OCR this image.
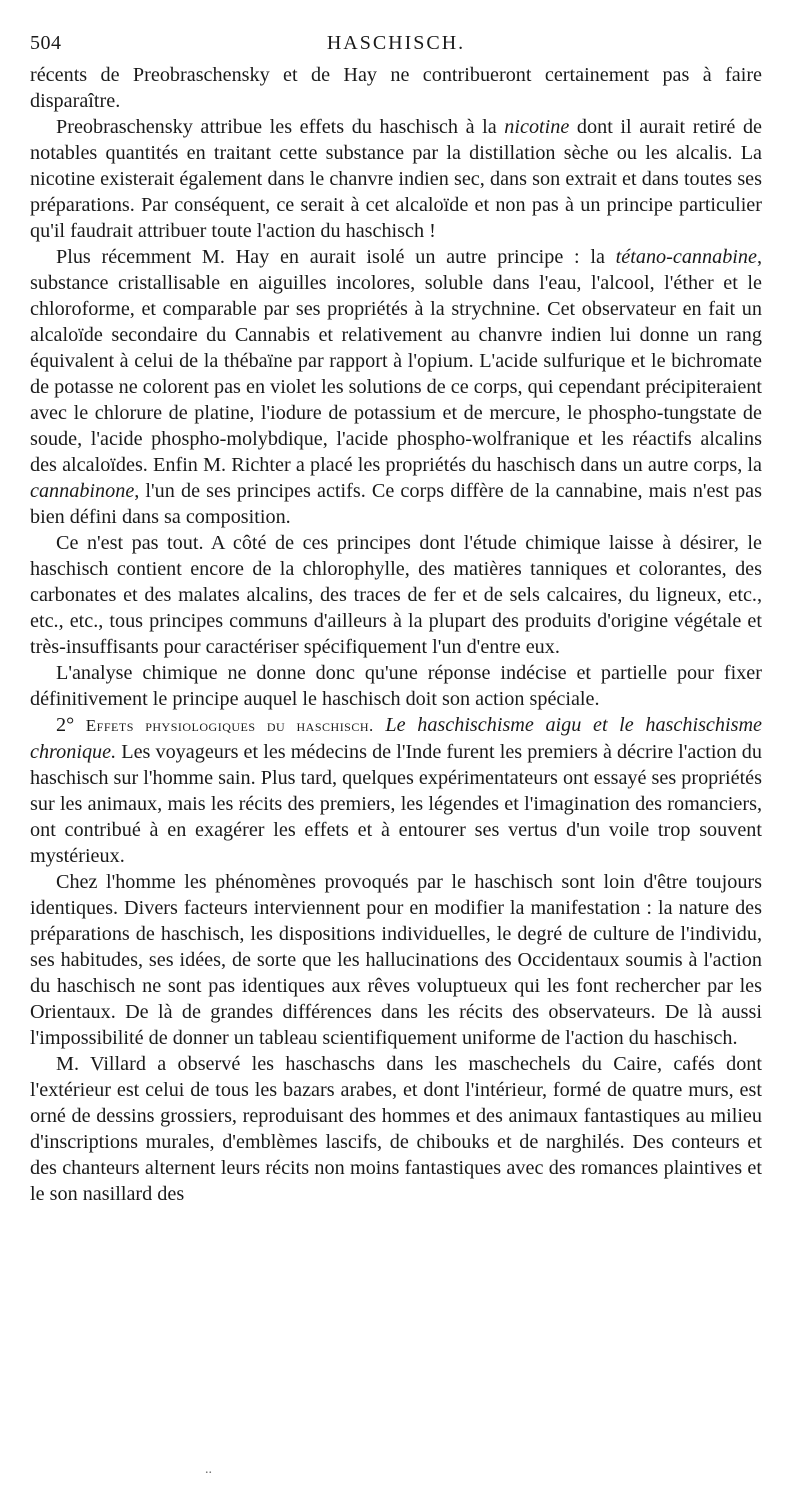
504	HASCHISCH.

récents de Preobraschensky et de Hay ne contribueront certainement pas à faire disparaître.

Preobraschensky attribue les effets du haschisch à la nicotine dont il aurait retiré de notables quantités en traitant cette substance par la distillation sèche ou les alcalis. La nicotine existerait également dans le chanvre indien sec, dans son extrait et dans toutes ses préparations. Par conséquent, ce serait à cet alcaloïde et non pas à un principe particulier qu'il faudrait attribuer toute l'action du haschisch !

Plus récemment M. Hay en aurait isolé un autre principe : la tétano-cannabine, substance cristallisable en aiguilles incolores, soluble dans l'eau, l'alcool, l'éther et le chloroforme, et comparable par ses propriétés à la strychnine. Cet observateur en fait un alcaloïde secondaire du Cannabis et relativement au chanvre indien lui donne un rang équivalent à celui de la thébaïne par rapport à l'opium. L'acide sulfurique et le bichromate de potasse ne colorent pas en violet les solutions de ce corps, qui cependant précipiteraient avec le chlorure de platine, l'iodure de potassium et de mercure, le phospho-tungstate de soude, l'acide phospho-molybdique, l'acide phospho-wolfranique et les réactifs alcalins des alcaloïdes. Enfin M. Richter a placé les propriétés du haschisch dans un autre corps, la cannabinone, l'un de ses principes actifs. Ce corps diffère de la cannabine, mais n'est pas bien défini dans sa composition.

Ce n'est pas tout. A côté de ces principes dont l'étude chimique laisse à désirer, le haschisch contient encore de la chlorophylle, des matières tanniques et colorantes, des carbonates et des malates alcalins, des traces de fer et de sels calcaires, du ligneux, etc., etc., etc., tous principes communs d'ailleurs à la plupart des produits d'origine végétale et très-insuffisants pour caractériser spécifiquement l'un d'entre eux.

L'analyse chimique ne donne donc qu'une réponse indécise et partielle pour fixer définitivement le principe auquel le haschisch doit son action spéciale.

2° Effets physiologiques du haschisch. Le haschischisme aigu et le haschischisme chronique. Les voyageurs et les médecins de l'Inde furent les premiers à décrire l'action du haschisch sur l'homme sain. Plus tard, quelques expérimentateurs ont essayé ses propriétés sur les animaux, mais les récits des premiers, les légendes et l'imagination des romanciers, ont contribué à en exagérer les effets et à entourer ses vertus d'un voile trop souvent mystérieux.

Chez l'homme les phénomènes provoqués par le haschisch sont loin d'être toujours identiques. Divers facteurs interviennent pour en modifier la manifestation : la nature des préparations de haschisch, les dispositions individuelles, le degré de culture de l'individu, ses habitudes, ses idées, de sorte que les hallucinations des Occidentaux soumis à l'action du haschisch ne sont pas identiques aux rêves voluptueux qui les font rechercher par les Orientaux. De là de grandes différences dans les récits des observateurs. De là aussi l'impossibilité de donner un tableau scientifiquement uniforme de l'action du haschisch.

M. Villard a observé les haschaschs dans les maschechels du Caire, cafés dont l'extérieur est celui de tous les bazars arabes, et dont l'intérieur, formé de quatre murs, est orné de dessins grossiers, reproduisant des hommes et des animaux fantastiques au milieu d'inscriptions murales, d'emblèmes lascifs, de chibouks et de narghilés. Des conteurs et des chanteurs alternent leurs récits non moins fantastiques avec des romances plaintives et le son nasillard des

..
